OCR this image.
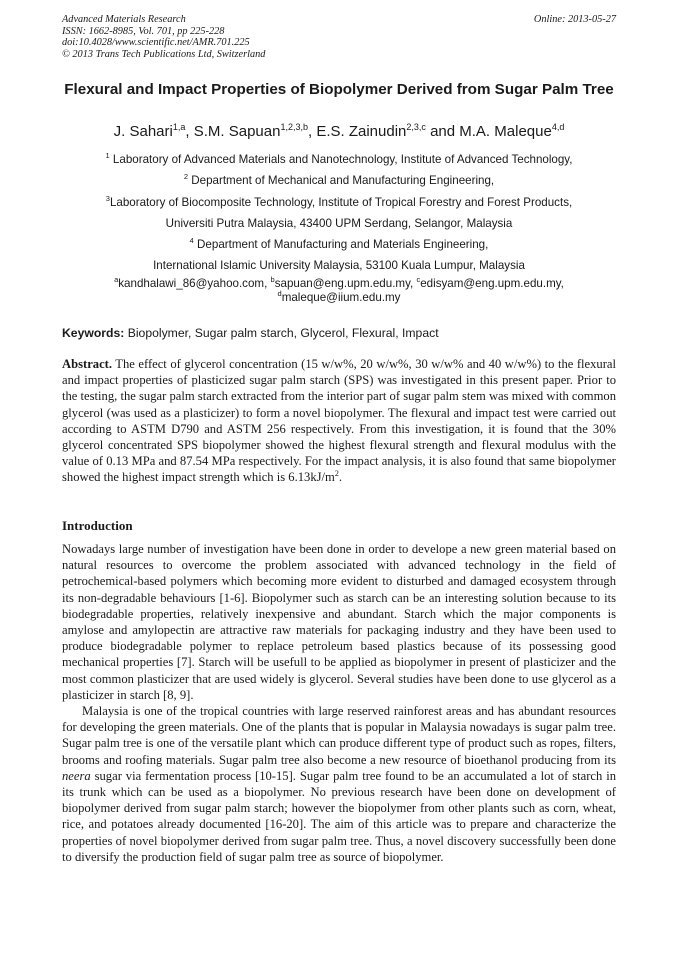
Advanced Materials Research
ISSN: 1662-8985, Vol. 701, pp 225-228
doi:10.4028/www.scientific.net/AMR.701.225
© 2013 Trans Tech Publications Ltd, Switzerland
Online: 2013-05-27
Flexural and Impact Properties of Biopolymer Derived from Sugar Palm Tree
J. Sahari$^{1,a}$, S.M. Sapuan$^{1,2,3,b}$, E.S. Zainudin$^{2,3,c}$ and M.A. Maleque$^{4,d}$
$^1$ Laboratory of Advanced Materials and Nanotechnology, Institute of Advanced Technology,
$^2$ Department of Mechanical and Manufacturing Engineering,
$^3$Laboratory of Biocomposite Technology, Institute of Tropical Forestry and Forest Products,
Universiti Putra Malaysia, 43400 UPM Serdang, Selangor, Malaysia
$^4$ Department of Manufacturing and Materials Engineering,
International Islamic University Malaysia, 53100 Kuala Lumpur, Malaysia
$^a$kandhalawi_86@yahoo.com, $^b$sapuan@eng.upm.edu.my, $^c$edisyam@eng.upm.edu.my,
$^d$maleque@iium.edu.my
Keywords: Biopolymer, Sugar palm starch, Glycerol, Flexural, Impact
Abstract. The effect of glycerol concentration (15 w/w%, 20 w/w%, 30 w/w% and 40 w/w%) to the flexural and impact properties of plasticized sugar palm starch (SPS) was investigated in this present paper. Prior to the testing, the sugar palm starch extracted from the interior part of sugar palm stem was mixed with common glycerol (was used as a plasticizer) to form a novel biopolymer. The flexural and impact test were carried out according to ASTM D790 and ASTM 256 respectively. From this investigation, it is found that the 30% glycerol concentrated SPS biopolymer showed the highest flexural strength and flexural modulus with the value of 0.13 MPa and 87.54 MPa respectively. For the impact analysis, it is also found that same biopolymer showed the highest impact strength which is $6.13kJ/m^2$.
Introduction
Nowadays large number of investigation have been done in order to develope a new green material based on natural resources to overcome the problem associated with advanced technology in the field of petrochemical-based polymers which becoming more evident to disturbed and damaged ecosystem through its non-degradable behaviours [1-6]. Biopolymer such as starch can be an interesting solution because to its biodegradable properties, relatively inexpensive and abundant. Starch which the major components is amylose and amylopectin are attractive raw materials for packaging industry and they have been used to produce biodegradable polymer to replace petroleum based plastics because of its possessing good mechanical properties [7]. Starch will be usefull to be applied as biopolymer in present of plasticizer and the most common plasticizer that are used widely is glycerol. Several studies have been done to use glycerol as a plasticizer in starch [8, 9].
Malaysia is one of the tropical countries with large reserved rainforest areas and has abundant resources for developing the green materials. One of the plants that is popular in Malaysia nowadays is sugar palm tree. Sugar palm tree is one of the versatile plant which can produce different type of product such as ropes, filters, brooms and roofing materials. Sugar palm tree also become a new resource of bioethanol producing from its neera sugar via fermentation process [10-15]. Sugar palm tree found to be an accumulated a lot of starch in its trunk which can be used as a biopolymer. No previous research have been done on development of biopolymer derived from sugar palm starch; however the biopolymer from other plants such as corn, wheat, rice, and potatoes already documented [16-20]. The aim of this article was to prepare and characterize the properties of novel biopolymer derived from sugar palm tree. Thus, a novel discovery successfully been done to diversify the production field of sugar palm tree as source of biopolymer.
